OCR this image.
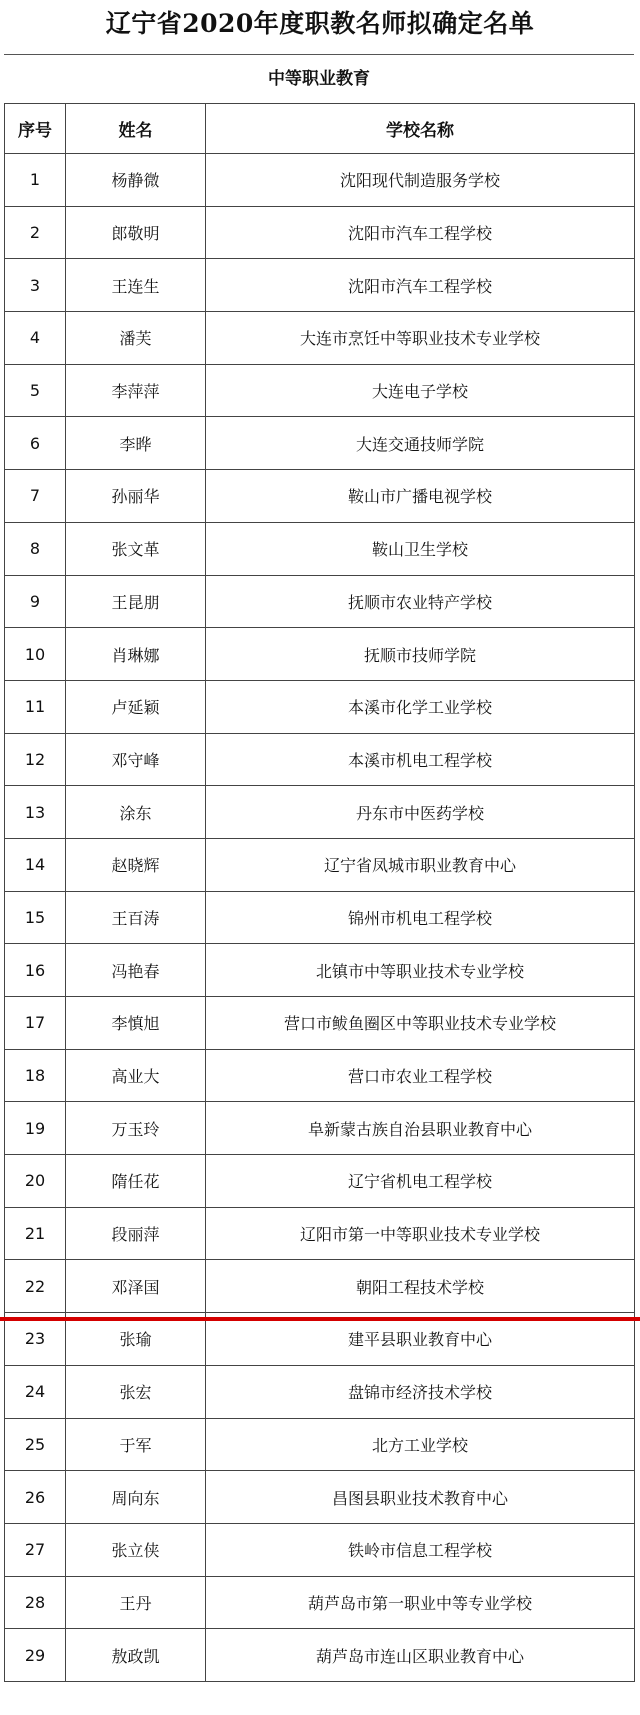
辽宁省2020年度职教名师拟确定名单
中等职业教育
序号	姓名	学校名称
1	杨静微	沈阳现代制造服务学校
2	郎敬明	沈阳市汽车工程学校
3	王连生	沈阳市汽车工程学校
4	潘芙	大连市烹饪中等职业技术专业学校
5	李萍萍	大连电子学校
6	李晔	大连交通技师学院
7	孙丽华	鞍山市广播电视学校
8	张文革	鞍山卫生学校
9	王昆朋	抚顺市农业特产学校
10	肖琳娜	抚顺市技师学院
11	卢延颖	本溪市化学工业学校
12	邓守峰	本溪市机电工程学校
13	涂东	丹东市中医药学校
14	赵晓辉	辽宁省凤城市职业教育中心
15	王百涛	锦州市机电工程学校
16	冯艳春	北镇市中等职业技术专业学校
17	李慎旭	营口市鲅鱼圈区中等职业技术专业学校
18	高业大	营口市农业工程学校
19	万玉玲	阜新蒙古族自治县职业教育中心
20	隋任花	辽宁省机电工程学校
21	段丽萍	辽阳市第一中等职业技术专业学校
22	邓泽国	朝阳工程技术学校
23	张瑜	建平县职业教育中心
24	张宏	盘锦市经济技术学校
25	于军	北方工业学校
26	周向东	昌图县职业技术教育中心
27	张立侠	铁岭市信息工程学校
28	王丹	葫芦岛市第一职业中等专业学校
29	敖政凯	葫芦岛市连山区职业教育中心
